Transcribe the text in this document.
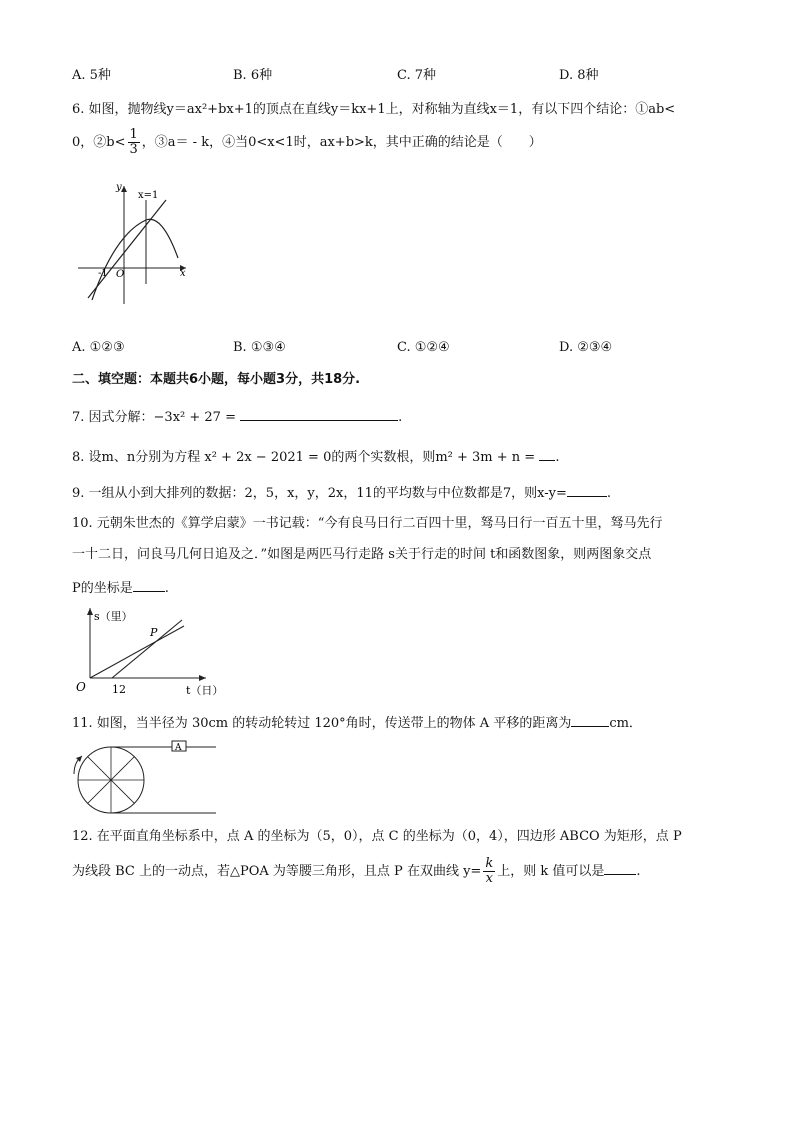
A. 5种	B. 6种	C. 7种	D. 8种
6. 如图，抛物线y＝ax²+bx+1的顶点在直线y＝kx+1上，对称轴为直线x＝1，有以下四个结论：①ab<
0，②b< $\frac{1}{3}$ ，③a＝ - k，④当0<x<1时，ax+b>k，其中正确的结论是（　　）
y
x=1
x
-1 O
A. ①②③	B. ①③④	C. ①②④	D. ②③④
二、填空题：本题共6小题，每小题3分，共18分.
7. 因式分解：−3x² + 27 =	.
8. 设m、n分别为方程 x² + 2x − 2021 = 0的两个实数根，则m² + 3m + n = .
9. 一组从小到大排列的数据：2，5，x，y，2x，11的平均数与中位数都是7，则x-y=	.
10. 元朝朱世杰的《算学启蒙》一书记载：“今有良马日行二百四十里，驽马日行一百五十里，驽马先行
一十二日，问良马几何日追及之．”如图是两匹马行走路 s关于行走的时间 t和函数图象，则两图象交点
P的坐标是 .
s（里）
P
O 12	t（日）
11. 如图，当半径为 30cm 的转动轮转过 120°角时，传送带上的物体 A 平移的距离为	cm．
A
12. 在平面直角坐标系中，点 A 的坐标为（5，0），点 C 的坐标为（0，4），四边形 ABCO 为矩形，点 P
为线段 BC 上的一动点，若△POA 为等腰三角形，且点 P 在双曲线 $y= \frac{k}{x}$ 上，则 k 值可以是 .
